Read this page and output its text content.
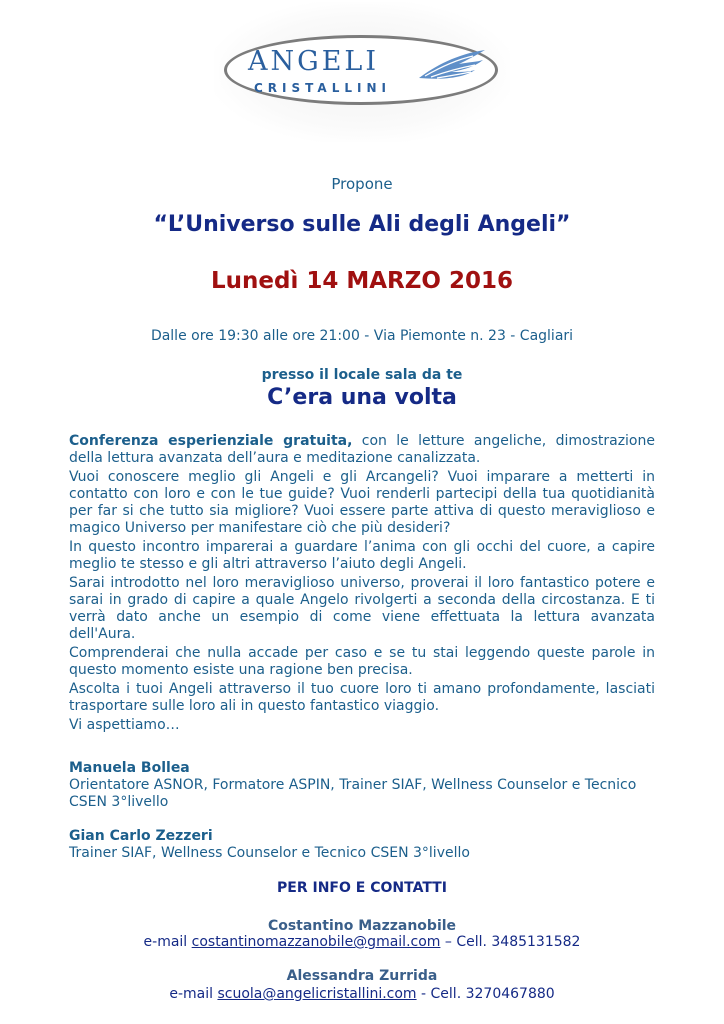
ANGELI
CRISTALLINI
Propone
“L’Universo sulle Ali degli Angeli”
Lunedì 14 MARZO 2016
Dalle ore 19:30 alle ore 21:00 - Via Piemonte n. 23 - Cagliari
presso il locale sala da te
C’era una volta

Conferenza esperienziale gratuita, con le letture angeliche, dimostrazione della lettura avanzata dell’aura e meditazione canalizzata.

Vuoi conoscere meglio gli Angeli e gli Arcangeli? Vuoi imparare a metterti in contatto con loro e con le tue guide? Vuoi renderli partecipi della tua quotidianità per far si che tutto sia migliore? Vuoi essere parte attiva di questo meraviglioso e magico Universo per manifestare ciò che più desideri?

In questo incontro imparerai a guardare l’anima con gli occhi del cuore, a capire meglio te stesso e gli altri attraverso l’aiuto degli Angeli.

Sarai introdotto nel loro meraviglioso universo, proverai il loro fantastico potere e sarai in grado di capire a quale Angelo rivolgerti a seconda della circostanza. E ti verrà dato anche un esempio di come viene effettuata la lettura avanzata dell'Aura.

Comprenderai che nulla accade per caso e se tu stai leggendo queste parole in questo momento esiste una ragione ben precisa.

Ascolta i tuoi Angeli attraverso il tuo cuore loro ti amano profondamente, lasciati trasportare sulle loro ali in questo fantastico viaggio.

Vi aspettiamo…

Manuela Bollea
Orientatore ASNOR, Formatore ASPIN, Trainer SIAF, Wellness Counselor e Tecnico CSEN 3°livello
Gian Carlo Zezzeri
Trainer SIAF, Wellness Counselor e Tecnico CSEN 3°livello
PER INFO E CONTATTI
Costantino Mazzanobile
e-mail costantinomazzanobile@gmail.com – Cell. 3485131582
Alessandra Zurrida
e-mail scuola@angelicristallini.com - Cell. 3270467880
